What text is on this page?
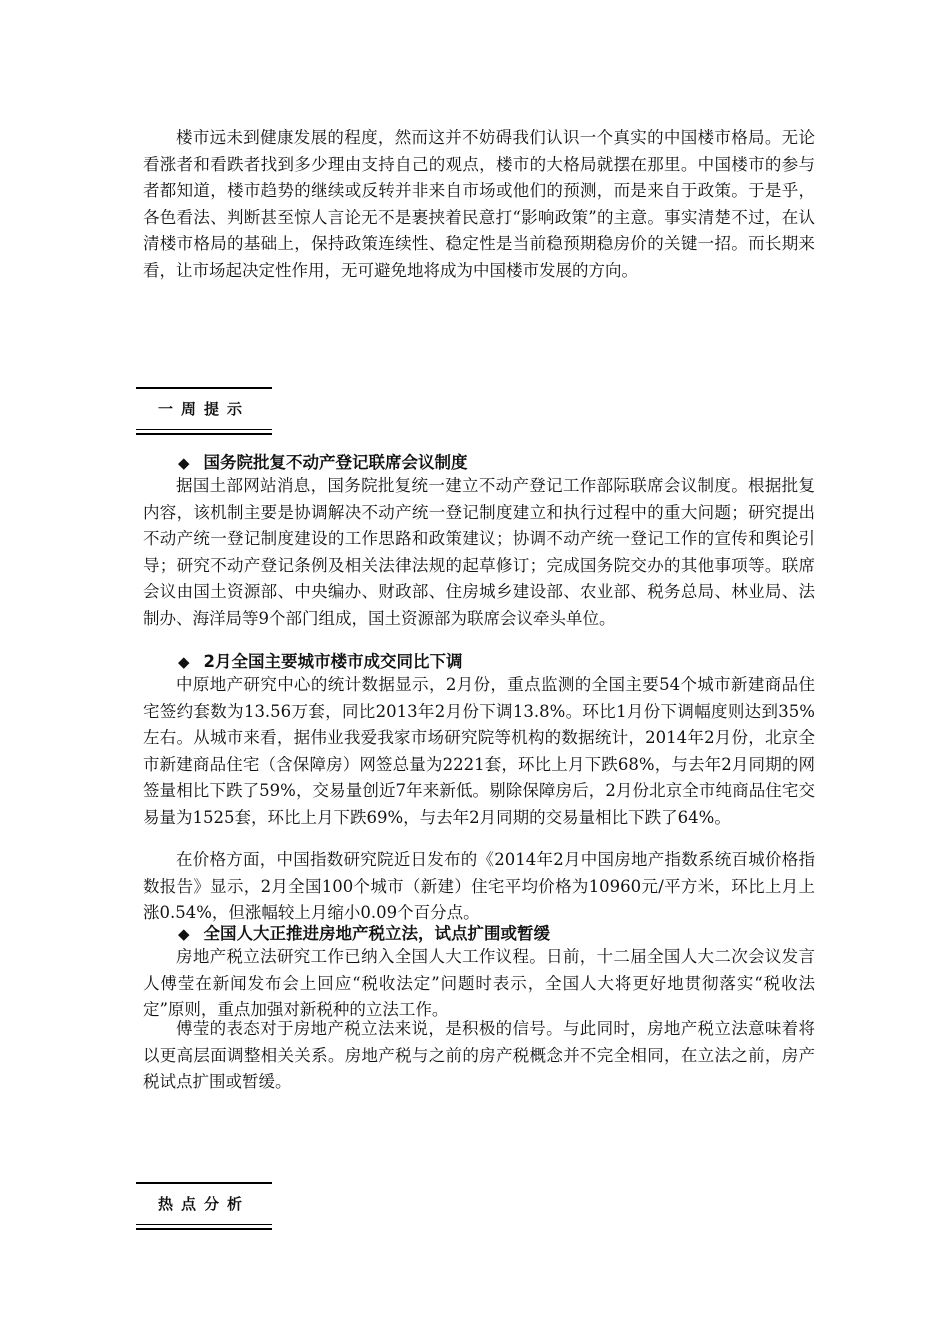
楼市远未到健康发展的程度，然而这并不妨碍我们认识一个真实的中国楼市格局。无论看涨者和看跌者找到多少理由支持自己的观点，楼市的大格局就摆在那里。中国楼市的参与者都知道，楼市趋势的继续或反转并非来自市场或他们的预测，而是来自于政策。于是乎，各色看法、判断甚至惊人言论无不是裹挟着民意打“影响政策”的主意。事实清楚不过，在认清楼市格局的基础上，保持政策连续性、稳定性是当前稳预期稳房价的关键一招。而长期来看，让市场起决定性作用，无可避免地将成为中国楼市发展的方向。

一周提示
◆ 国务院批复不动产登记联席会议制度

据国土部网站消息，国务院批复统一建立不动产登记工作部际联席会议制度。根据批复内容，该机制主要是协调解决不动产统一登记制度建立和执行过程中的重大问题；研究提出不动产统一登记制度建设的工作思路和政策建议；协调不动产统一登记工作的宣传和舆论引导；研究不动产登记条例及相关法律法规的起草修订；完成国务院交办的其他事项等。联席会议由国土资源部、中央编办、财政部、住房城乡建设部、农业部、税务总局、林业局、法制办、海洋局等9个部门组成，国土资源部为联席会议牵头单位。

◆ 2月全国主要城市楼市成交同比下调

中原地产研究中心的统计数据显示，2月份，重点监测的全国主要54个城市新建商品住宅签约套数为13.56万套，同比2013年2月份下调13.8%。环比1月份下调幅度则达到35%左右。从城市来看，据伟业我爱我家市场研究院等机构的数据统计，2014年2月份，北京全市新建商品住宅（含保障房）网签总量为2221套，环比上月下跌68%，与去年2月同期的网签量相比下跌了59%，交易量创近7年来新低。剔除保障房后，2月份北京全市纯商品住宅交易量为1525套，环比上月下跌69%，与去年2月同期的交易量相比下跌了64%。

在价格方面，中国指数研究院近日发布的《2014年2月中国房地产指数系统百城价格指数报告》显示，2月全国100个城市（新建）住宅平均价格为10960元/平方米，环比上月上涨0.54%，但涨幅较上月缩小0.09个百分点。

◆ 全国人大正推进房地产税立法，试点扩围或暂缓

房地产税立法研究工作已纳入全国人大工作议程。日前，十二届全国人大二次会议发言人傅莹在新闻发布会上回应“税收法定”问题时表示，全国人大将更好地贯彻落实“税收法定”原则，重点加强对新税种的立法工作。

傅莹的表态对于房地产税立法来说，是积极的信号。与此同时，房地产税立法意味着将以更高层面调整相关关系。房地产税与之前的房产税概念并不完全相同，在立法之前，房产税试点扩围或暂缓。

热点分析
